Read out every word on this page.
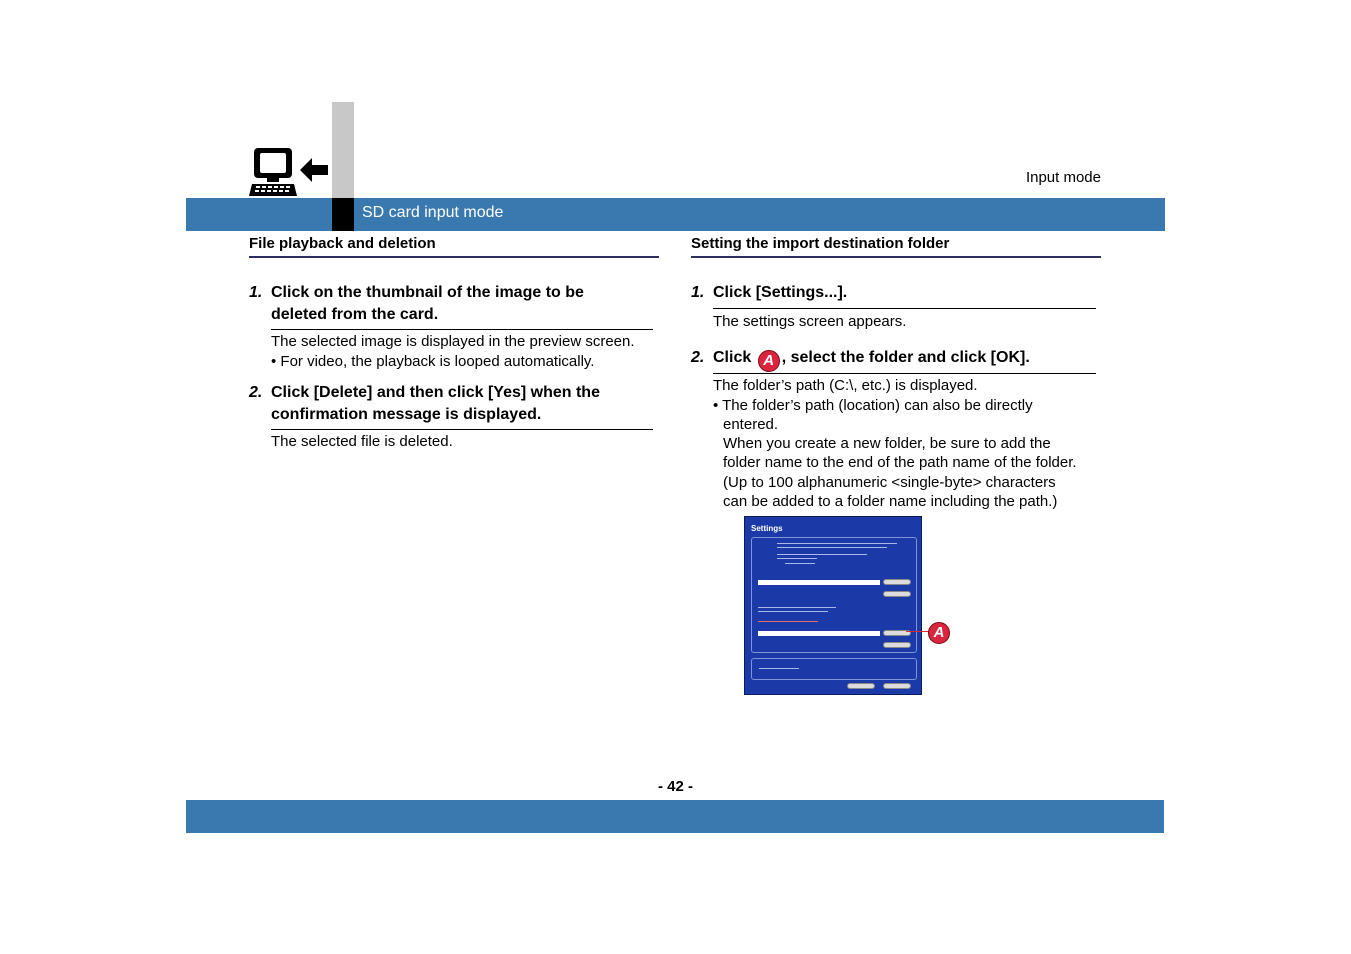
Input mode
SD card input mode
File playback and deletion
1. Click on the thumbnail of the image to be
deleted from the card.
The selected image is displayed in the preview screen.
• For video, the playback is looped automatically.
2. Click [Delete] and then click [Yes] when the
confirmation message is displayed.
The selected file is deleted.
Setting the import destination folder
1. Click [Settings...].
The settings screen appears.
2. Click A , select the folder and click [OK].
The folder’s path (C:\, etc.) is displayed.
• The folder’s path (location) can also be directly
entered.
When you create a new folder, be sure to add the
folder name to the end of the path name of the folder.
(Up to 100 alphanumeric <single-byte> characters
can be added to a folder name including the path.)
Settings
A
- 42 -
